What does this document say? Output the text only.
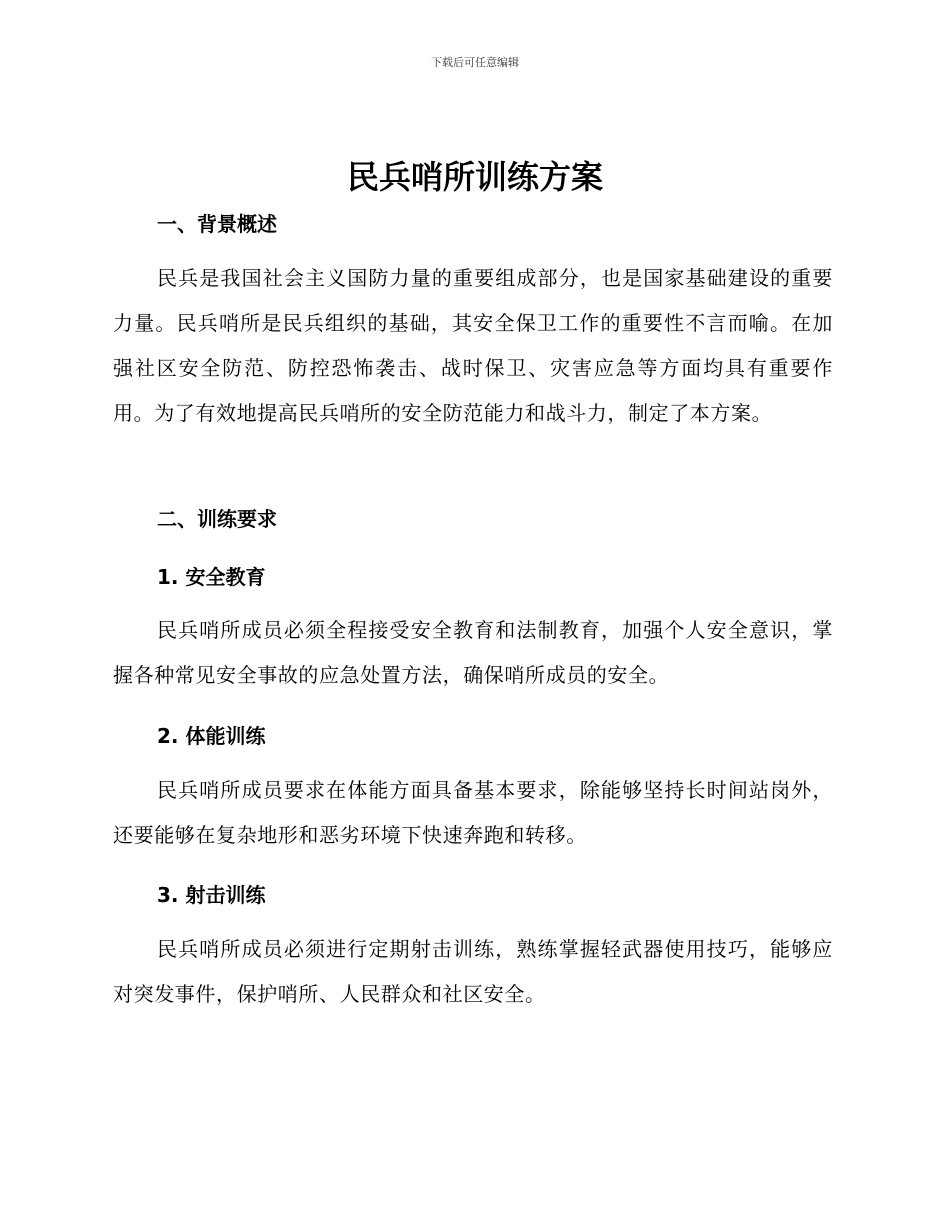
下载后可任意编辑
民兵哨所训练方案
一、背景概述
民兵是我国社会主义国防力量的重要组成部分，也是国家基础建设的重要力量。民兵哨所是民兵组织的基础，其安全保卫工作的重要性不言而喻。在加强社区安全防范、防控恐怖袭击、战时保卫、灾害应急等方面均具有重要作用。为了有效地提高民兵哨所的安全防范能力和战斗力，制定了本方案。
二、训练要求
1. 安全教育
民兵哨所成员必须全程接受安全教育和法制教育，加强个人安全意识，掌握各种常见安全事故的应急处置方法，确保哨所成员的安全。
2. 体能训练
民兵哨所成员要求在体能方面具备基本要求，除能够坚持长时间站岗外，还要能够在复杂地形和恶劣环境下快速奔跑和转移。
3. 射击训练
民兵哨所成员必须进行定期射击训练，熟练掌握轻武器使用技巧，能够应对突发事件，保护哨所、人民群众和社区安全。
